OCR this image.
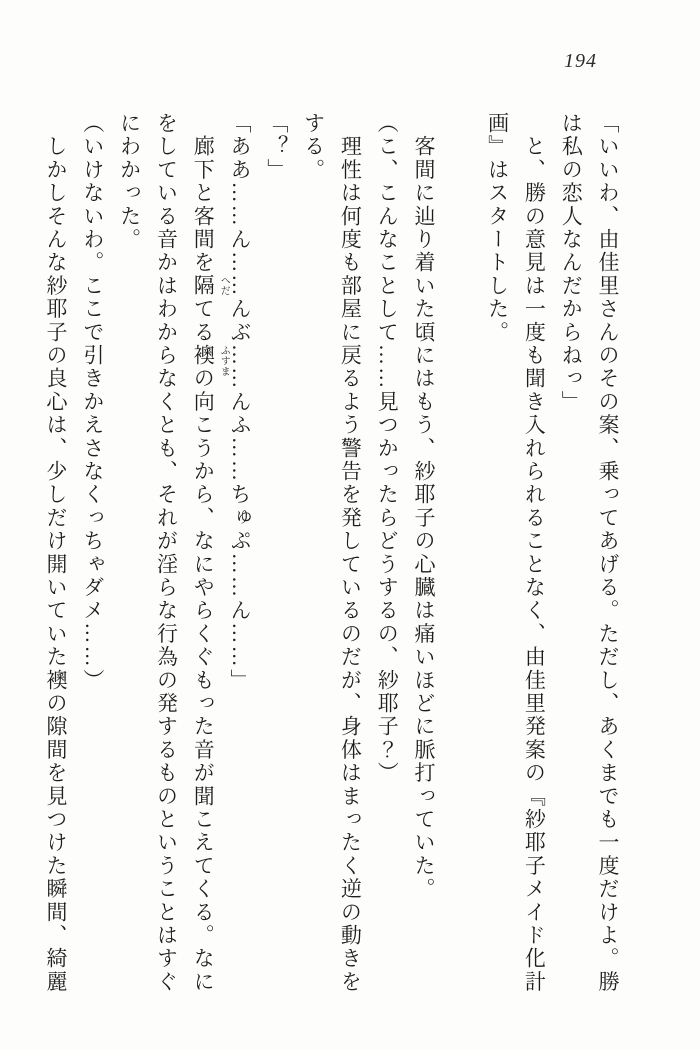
194

「いいわ、由佳里さんのその案、乗ってあげる。ただし、あくまでも一度だけよ。勝は私の恋人なんだからねっ」

　と、勝の意見は一度も聞き入れられることなく、由佳里発案の『紗耶子メイド化計画』はスタートした。

　客間に辿り着いた頃にはもう、紗耶子の心臓は痛いほどに脈打っていた。

（こ、こんなことして……見つかったらどうするの、紗耶子？）

　理性は何度も部屋に戻るよう警告を発しているのだが、身体はまったく逆の動きをする。

「？」

「ああ……ん……んぶ……んふ……ちゅぷ……ん……」

　廊下と客間を隔 へだ
てる襖 ふすま
の向こうから、なにやらくぐもった音が聞こえてくる。なにをしている音かはわからなくとも、それが淫らな行為の発するものということはすぐにわかった。

（いけないわ。ここで引きかえさなくっちゃダメ……）

　しかしそんな紗耶子の良心は、少しだけ開いていた襖の隙間を見つけた瞬間、綺麗
